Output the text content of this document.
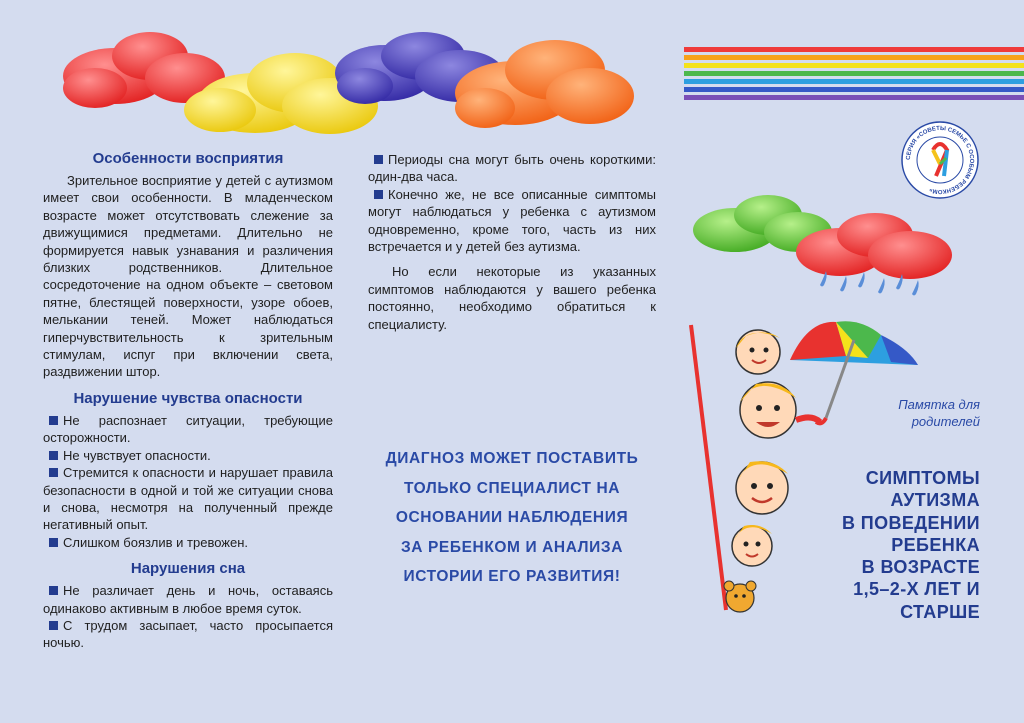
СЕРИЯ «СОВЕТЫ СЕМЬЕ С ОСОБЫМ РЕБЕНКОМ»
Особенности восприятия

Зрительное восприятие у детей с аутизмом имеет свои особенности. В младенческом возрасте может отсутствовать слежение за движущимися предметами. Длительно не формируется навык узнавания и различения близких родственников. Длительное сосредоточение на одном объекте – световом пятне, блестящей поверхности, узоре обоев, мелькании теней. Может наблюдаться гиперчувствительность к зрительным стимулам, испуг при включении света, раздвижении штор.

Нарушение чувства опасности

Не распознает ситуации, требующие осторожности.

Не чувствует опасности.

Стремится к опасности и нарушает правила безопасности в одной и той же ситуации снова и снова, несмотря на полученный прежде негативный опыт.

Слишком боязлив и тревожен.

Нарушения сна

Не различает день и ночь, оставаясь одинаково активным в любое время суток.

С трудом засыпает, часто просыпается ночью.

Периоды сна могут быть очень короткими: один-два часа.

Конечно же, не все описанные симптомы могут наблюдаться у ребенка с аутизмом одновременно, кроме того, часть из них встречается и у детей без аутизма.

Но если некоторые из указанных симптомов наблюдаются у вашего ребенка постоянно, необходимо обратиться к специалисту.

ДИАГНОЗ МОЖЕТ ПОСТАВИТЬ
ТОЛЬКО СПЕЦИАЛИСТ НА
ОСНОВАНИИ НАБЛЮДЕНИЯ
ЗА РЕБЕНКОМ И АНАЛИЗА
ИСТОРИИ ЕГО РАЗВИТИЯ!
Памятка для
родителей
СИМПТОМЫ
АУТИЗМА
В ПОВЕДЕНИИ
РЕБЕНКА
В ВОЗРАСТЕ
1,5–2-Х ЛЕТ И
СТАРШЕ
